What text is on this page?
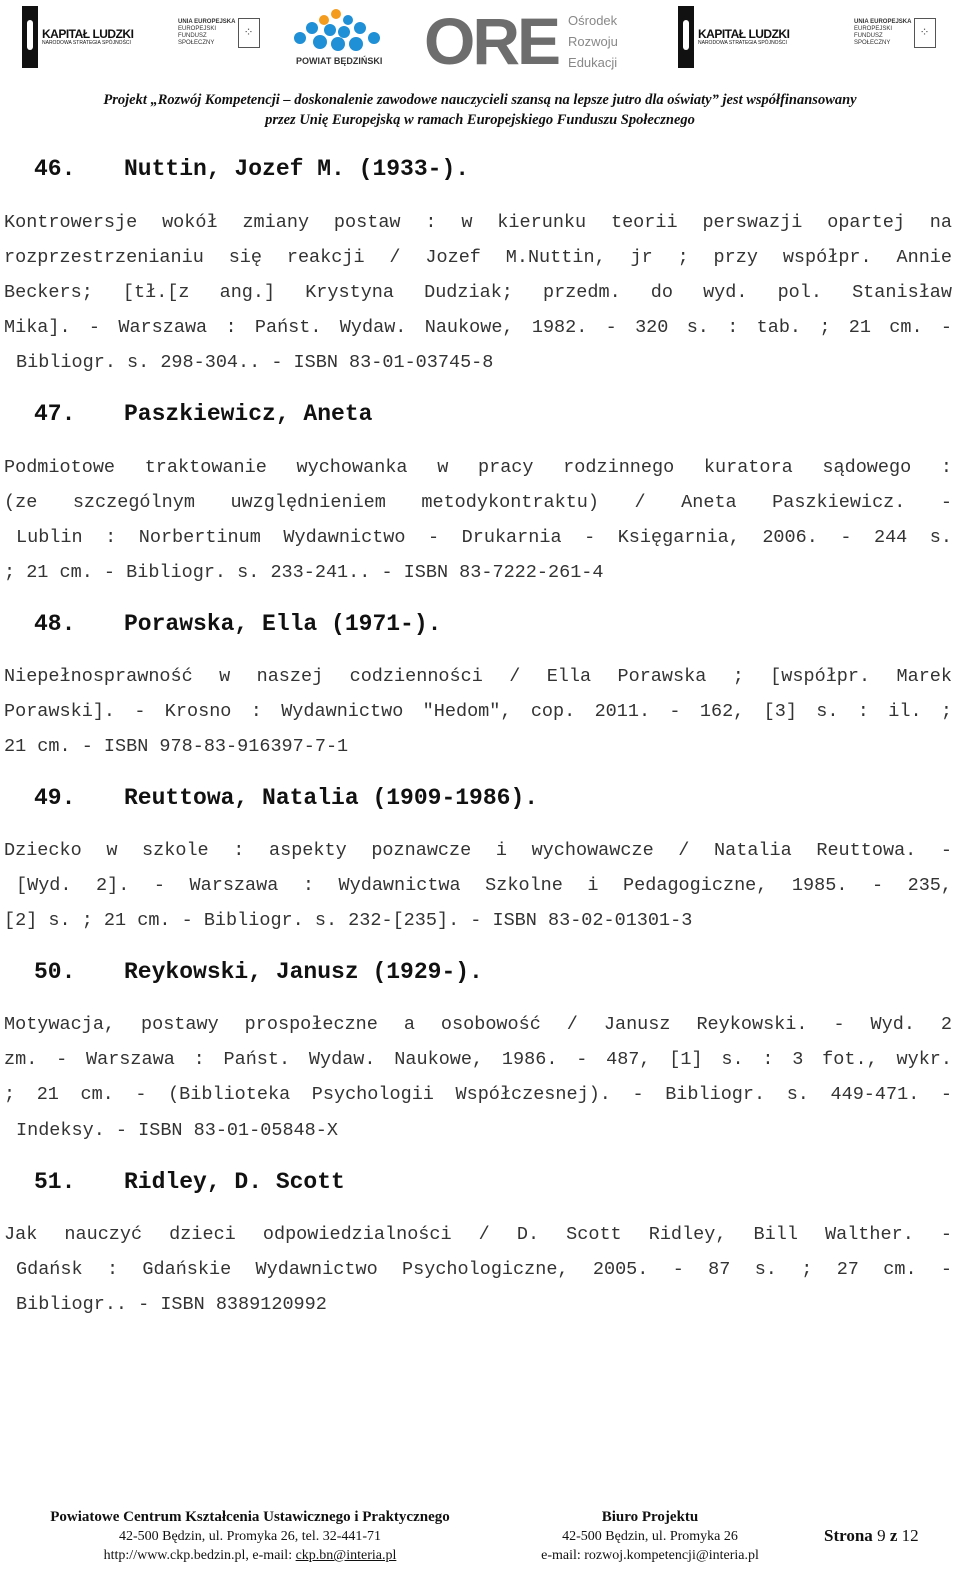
KAPITAŁ LUDZKI
NARODOWA STRATEGIA SPÓJNOŚCI
UNIA EUROPEJSKA
EUROPEJSKI FUNDUSZ SPOŁECZNY
⁘
POWIAT BĘDZIŃSKI ORE Ośrodek
Rozwoju
Edukacji
KAPITAŁ LUDZKI
NARODOWA STRATEGIA SPÓJNOŚCI
UNIA EUROPEJSKA
EUROPEJSKI FUNDUSZ SPOŁECZNY
⁘
Projekt „Rozwój Kompetencji – doskonalenie zawodowe nauczycieli szansą na lepsze jutro dla oświaty” jest współfinansowany
przez Unię Europejską w ramach Europejskiego Funduszu Społecznego
46. Nuttin, Jozef M. (1933-).
Kontrowersje wokół zmiany postaw : w kierunku teorii perswazji opartej na
rozprzestrzenianiu się reakcji / Jozef M.Nuttin, jr ; przy współpr. Annie
Beckers; [tł.[z ang.] Krystyna Dudziak; przedm. do wyd. pol. Stanisław
Mika]. - Warszawa : Państ. Wydaw. Naukowe, 1982. - 320 s. : tab. ; 21 cm. -
Bibliogr. s. 298-304.. - ISBN 83-01-03745-8
47. Paszkiewicz, Aneta
Podmiotowe traktowanie wychowanka w pracy rodzinnego kuratora sądowego :
(ze szczególnym uwzględnieniem metodykontraktu) / Aneta Paszkiewicz. -
Lublin : Norbertinum Wydawnictwo - Drukarnia - Księgarnia, 2006. - 244 s.
; 21 cm. - Bibliogr. s. 233-241.. - ISBN 83-7222-261-4
48. Porawska, Ella (1971-).
Niepełnosprawność w naszej codzienności / Ella Porawska ; [współpr. Marek
Porawski]. - Krosno : Wydawnictwo "Hedom", cop. 2011. - 162, [3] s. : il. ;
21 cm. - ISBN 978-83-916397-7-1
49. Reuttowa, Natalia (1909-1986).
Dziecko w szkole : aspekty poznawcze i wychowawcze / Natalia Reuttowa. -
[Wyd. 2]. - Warszawa : Wydawnictwa Szkolne i Pedagogiczne, 1985. - 235,
[2] s. ; 21 cm. - Bibliogr. s. 232-[235]. - ISBN 83-02-01301-3
50. Reykowski, Janusz (1929-).
Motywacja, postawy prospołeczne a osobowość / Janusz Reykowski. - Wyd. 2
zm. - Warszawa : Państ. Wydaw. Naukowe, 1986. - 487, [1] s. : 3 fot., wykr.
; 21 cm. - (Biblioteka Psychologii Współczesnej). - Bibliogr. s. 449-471. -
Indeksy. - ISBN 83-01-05848-X
51. Ridley, D. Scott
Jak nauczyć dzieci odpowiedzialności / D. Scott Ridley, Bill Walther. -
Gdańsk : Gdańskie Wydawnictwo Psychologiczne, 2005. - 87 s. ; 27 cm. -
Bibliogr.. - ISBN 8389120992
Powiatowe Centrum Kształcenia Ustawicznego i Praktycznego
42-500 Będzin, ul. Promyka 26, tel. 32-441-71
http://www.ckp.bedzin.pl, e-mail: ckp.bn@interia.pl
Biuro Projektu
42-500 Będzin, ul. Promyka 26
e-mail: rozwoj.kompetencji@interia.pl
Strona 9 z 12
